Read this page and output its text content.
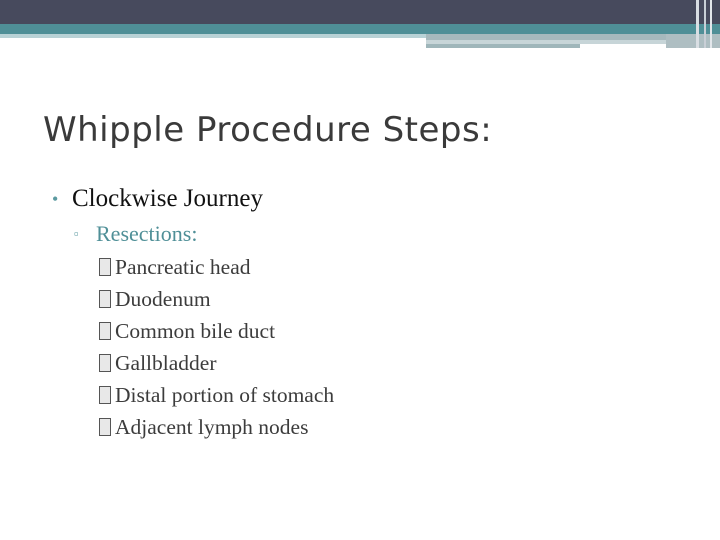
Whipple Procedure Steps:
• Clockwise Journey
▫ Resections:
Pancreatic head
Duodenum
Common bile duct
Gallbladder
Distal portion of stomach
Adjacent lymph nodes
